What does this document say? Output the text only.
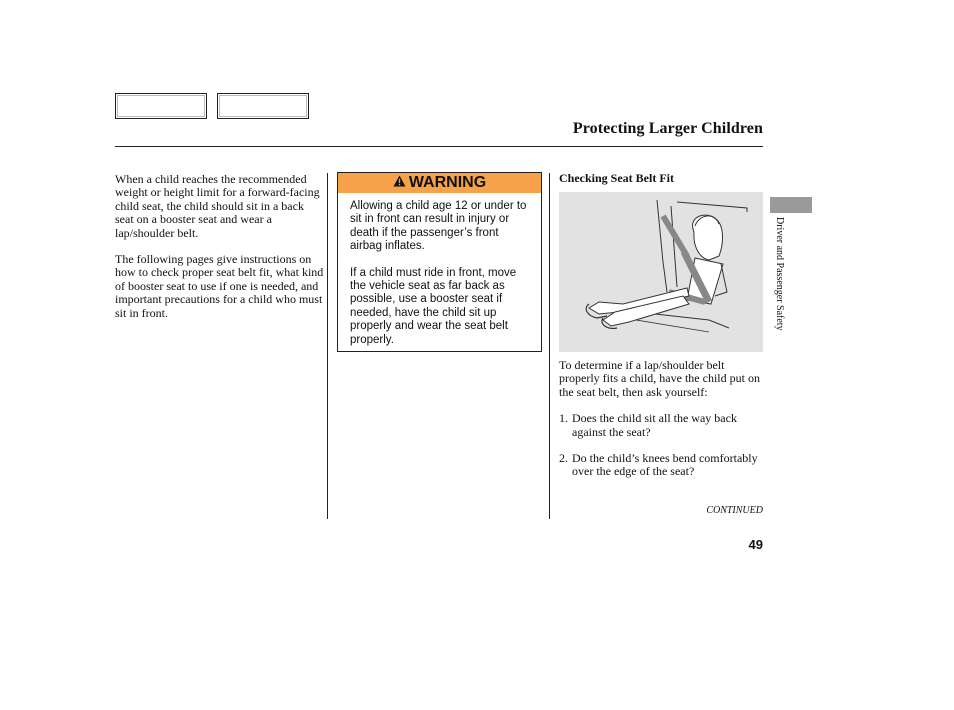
Protecting Larger Children

When a child reaches the recommended weight or height limit for a forward-facing child seat, the child should sit in a back seat on a booster seat and wear a lap/shoulder belt.

The following pages give instructions on how to check proper seat belt fit, what kind of booster seat to use if one is needed, and important precautions for a child who must sit in front.

WARNING

Allowing a child age 12 or under to sit in front can result in injury or death if the passenger’s front airbag inflates.

If a child must ride in front, move the vehicle seat as far back as possible, use a booster seat if needed, have the child sit up properly and wear the seat belt properly.

Checking Seat Belt Fit

To determine if a lap/shoulder belt properly fits a child, have the child put on the seat belt, then ask yourself:

1. Does the child sit all the way back against the seat?
2. Do the child’s knees bend comfortably over the edge of the seat?
CONTINUED
49
Driver and Passenger Safety
